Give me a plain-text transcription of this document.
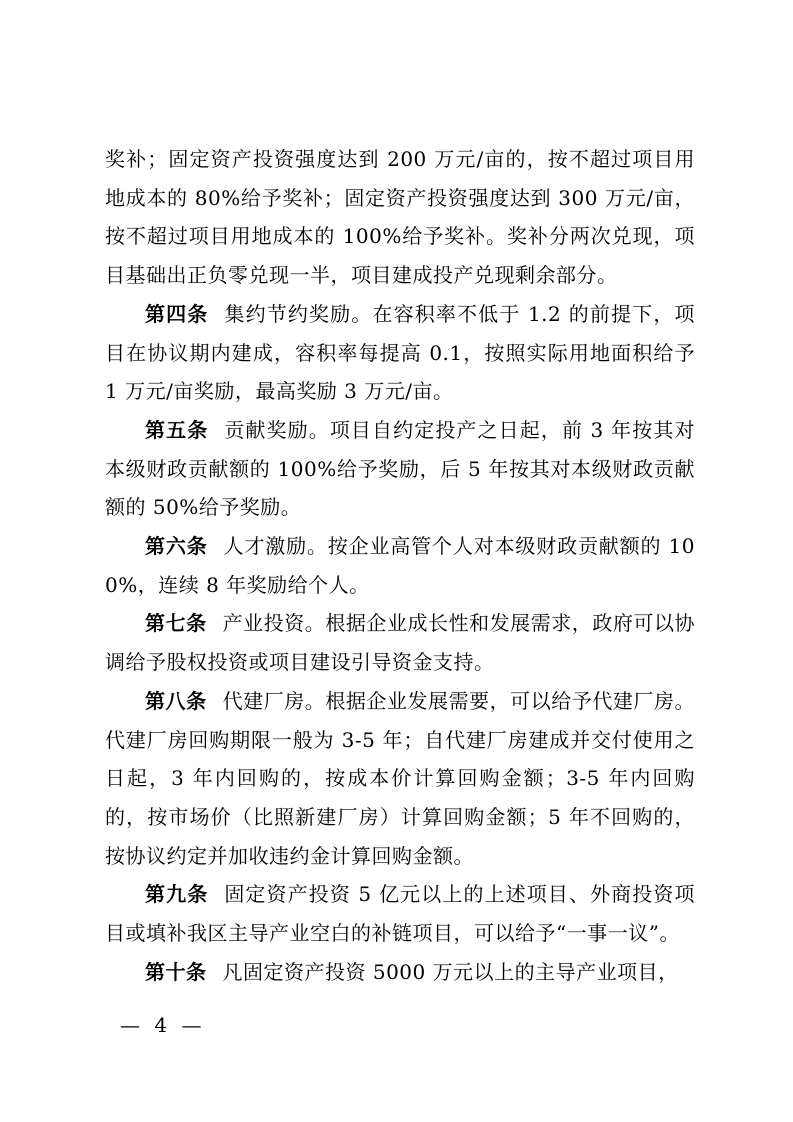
奖补；固定资产投资强度达到 200 万元/亩的，按不超过项目用地成本的 80%给予奖补；固定资产投资强度达到 300 万元/亩，按不超过项目用地成本的 100%给予奖补。奖补分两次兑现，项目基础出正负零兑现一半，项目建成投产兑现剩余部分。

第四条 集约节约奖励。在容积率不低于 1.2 的前提下，项目在协议期内建成，容积率每提高 0.1，按照实际用地面积给予 1 万元/亩奖励，最高奖励 3 万元/亩。

第五条 贡献奖励。项目自约定投产之日起，前 3 年按其对本级财政贡献额的 100%给予奖励，后 5 年按其对本级财政贡献额的 50%给予奖励。

第六条 人才激励。按企业高管个人对本级财政贡献额的 100%，连续 8 年奖励给个人。

第七条 产业投资。根据企业成长性和发展需求，政府可以协调给予股权投资或项目建设引导资金支持。

第八条 代建厂房。根据企业发展需要，可以给予代建厂房。代建厂房回购期限一般为 3-5 年；自代建厂房建成并交付使用之日起，3 年内回购的，按成本价计算回购金额；3-5 年内回购的，按市场价（比照新建厂房）计算回购金额；5 年不回购的，按协议约定并加收违约金计算回购金额。

第九条 固定资产投资 5 亿元以上的上述项目、外商投资项目或填补我区主导产业空白的补链项目，可以给予“一事一议”。

第十条 凡固定资产投资 5000 万元以上的主导产业项目，

— 4 —
